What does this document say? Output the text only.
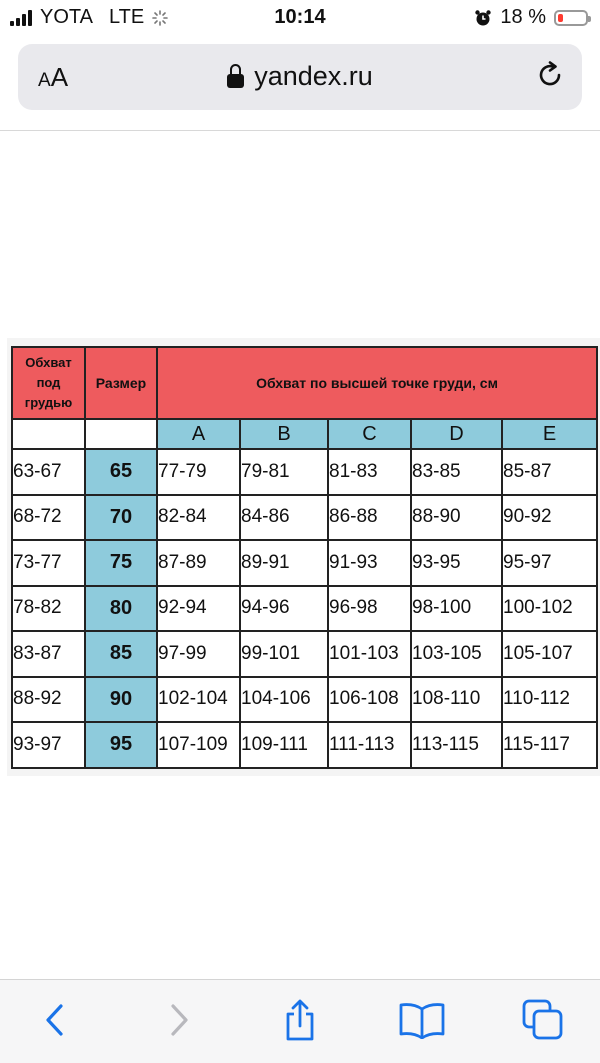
YOTA LTE	10:14	18 %
AA	yandex.ru
Обхват под грудью	Размер	Обхват по высшей точке груди, см				
		A	B	C	D	E
63-67	65	77-79	79-81	81-83	83-85	85-87
68-72	70	82-84	84-86	86-88	88-90	90-92
73-77	75	87-89	89-91	91-93	93-95	95-97
78-82	80	92-94	94-96	96-98	98-100	100-102
83-87	85	97-99	99-101	101-103	103-105	105-107
88-92	90	102-104	104-106	106-108	108-110	110-112
93-97	95	107-109	109-111	111-113	113-115	115-117
